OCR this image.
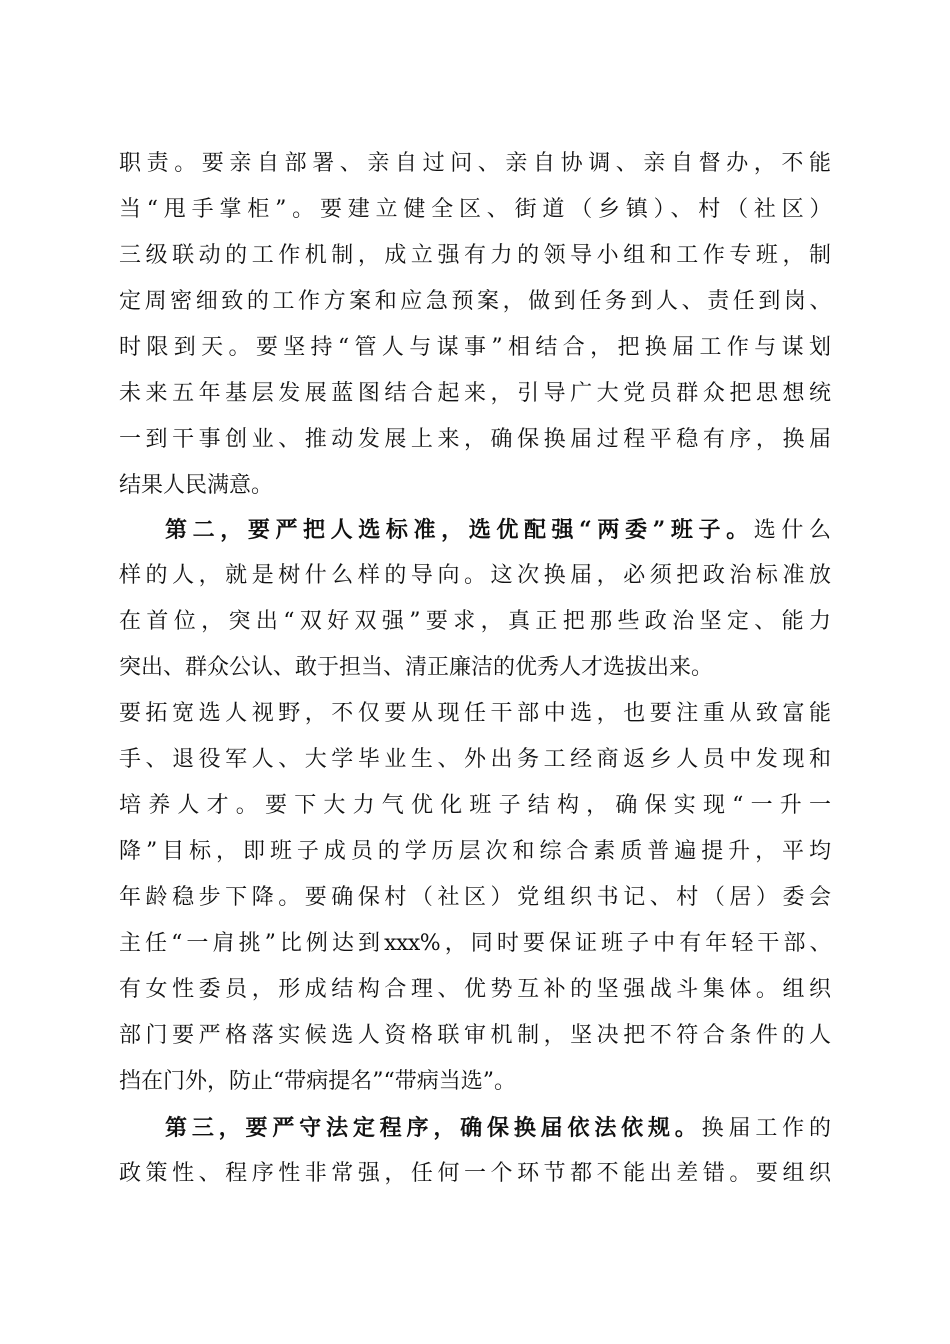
职责。要亲自部署、亲自过问、亲自协调、亲自督办，不能
当“甩手掌柜”。要建立健全区、街道（乡镇）、村（社区）
三级联动的工作机制，成立强有力的领导小组和工作专班，制
定周密细致的工作方案和应急预案，做到任务到人、责任到岗、
时限到天。要坚持“管人与谋事”相结合，把换届工作与谋划
未来五年基层发展蓝图结合起来，引导广大党员群众把思想统
一到干事创业、推动发展上来，确保换届过程平稳有序，换届
结果人民满意。
第二，要严把人选标准，选优配强“两委”班子。选什么
样的人，就是树什么样的导向。这次换届，必须把政治标准放
在首位，突出“双好双强”要求，真正把那些政治坚定、能力
突出、群众公认、敢于担当、清正廉洁的优秀人才选拔出来。
要拓宽选人视野，不仅要从现任干部中选，也要注重从致富能
手、退役军人、大学毕业生、外出务工经商返乡人员中发现和
培养人才。要下大力气优化班子结构，确保实现“一升一
降”目标，即班子成员的学历层次和综合素质普遍提升，平均
年龄稳步下降。要确保村（社区）党组织书记、村（居）委会
主任“一肩挑”比例达到xxx%，同时要保证班子中有年轻干部、
有女性委员，形成结构合理、优势互补的坚强战斗集体。组织
部门要严格落实候选人资格联审机制，坚决把不符合条件的人
挡在门外，防止“带病提名”“带病当选”。
第三，要严守法定程序，确保换届依法依规。换届工作的
政策性、程序性非常强，任何一个环节都不能出差错。要组织
